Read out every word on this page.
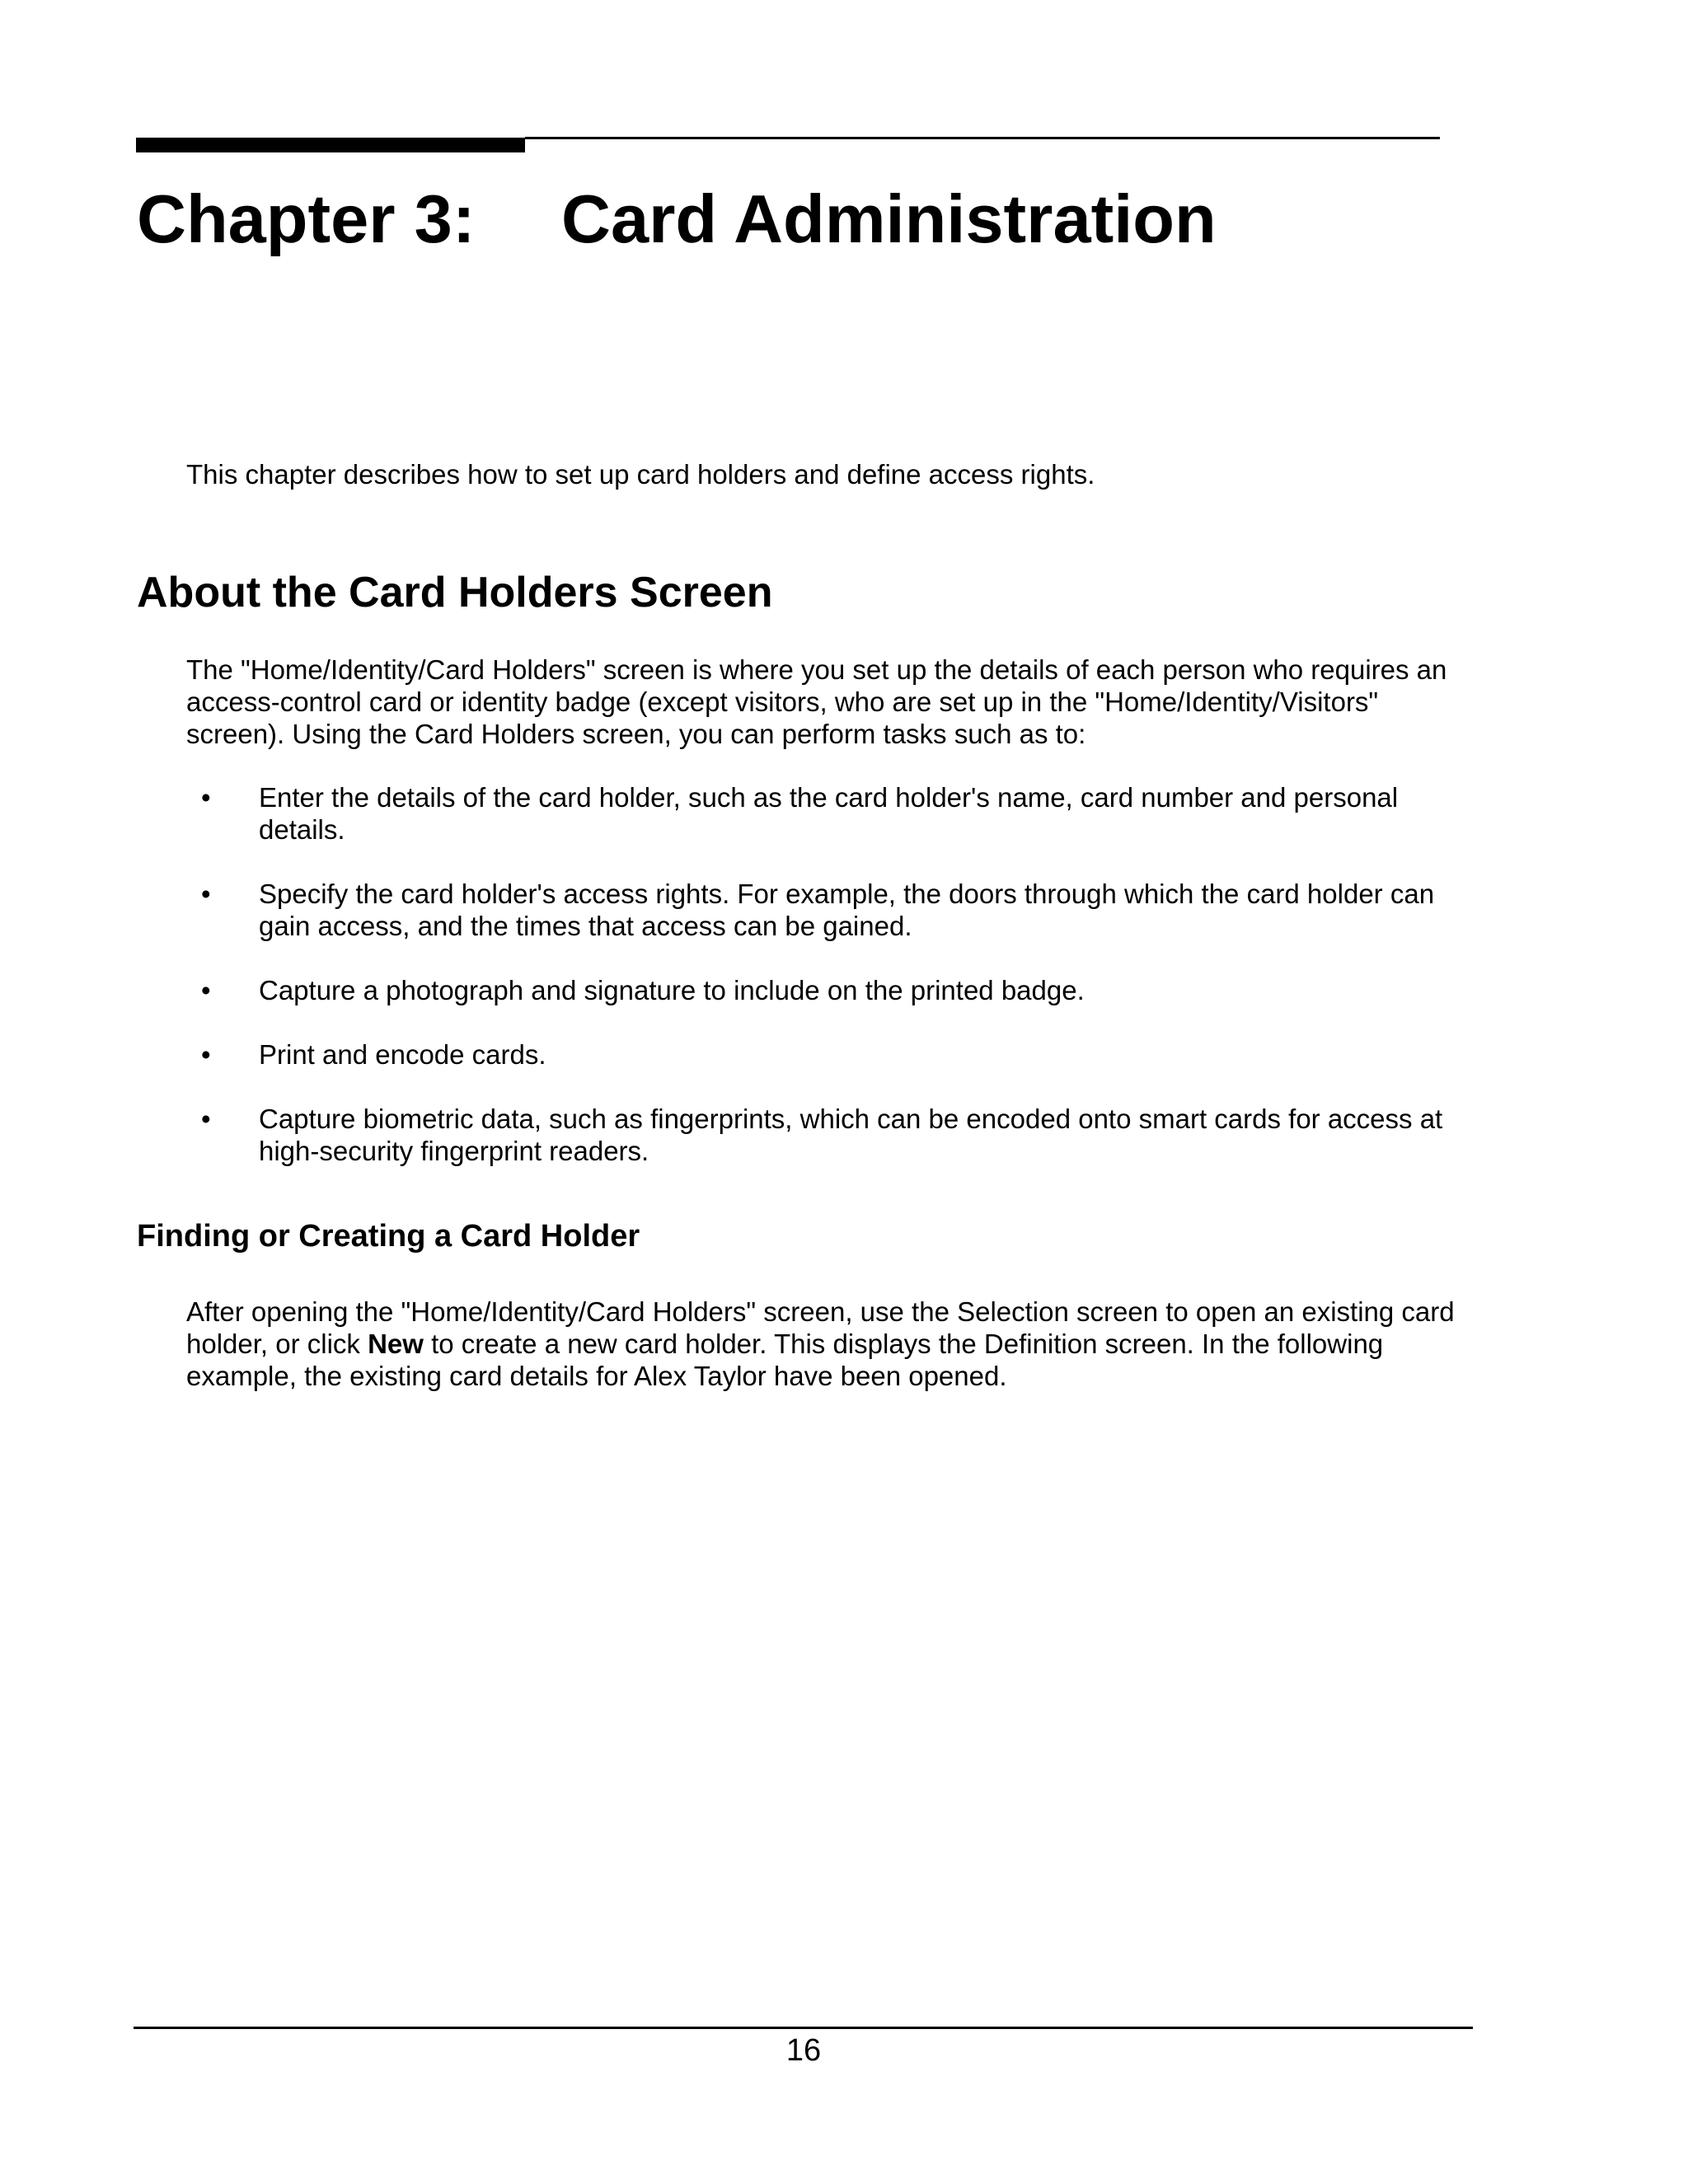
Chapter 3: Card Administration

This chapter describes how to set up card holders and define access rights.

About the Card Holders Screen

The "Home/Identity/Card Holders" screen is where you set up the details of each person who requires an access-control card or identity badge (except visitors, who are set up in the "Home/Identity/Visitors" screen). Using the Card Holders screen, you can perform tasks such as to:

• Enter the details of the card holder, such as the card holder's name, card number and personal details.
• Specify the card holder's access rights. For example, the doors through which the card holder can gain access, and the times that access can be gained.
• Capture a photograph and signature to include on the printed badge.
• Print and encode cards.
• Capture biometric data, such as fingerprints, which can be encoded onto smart cards for access at high-security fingerprint readers.
Finding or Creating a Card Holder

After opening the "Home/Identity/Card Holders" screen, use the Selection screen to open an existing card holder, or click New to create a new card holder. This displays the Definition screen. In the following example, the existing card details for Alex Taylor have been opened.

16
